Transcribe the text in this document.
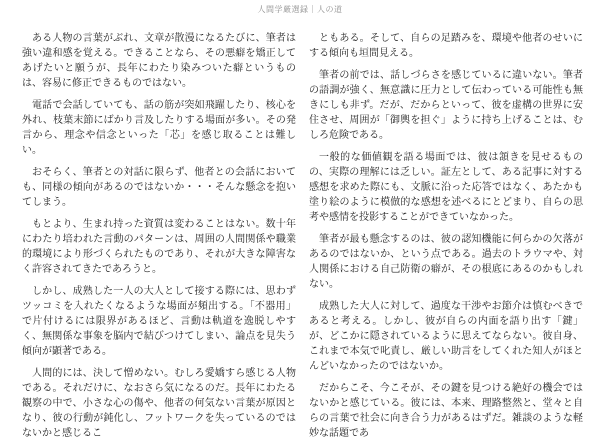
人間学厳選録｜人の道

ある人物の言葉がぶれ、文章が散漫になるたびに、筆者は強い違和感を覚える。できることなら、その悪癖を矯正してあげたいと願うが、長年にわたり染みついた癖というものは、容易に修正できるものではない。

電話で会話していても、話の筋が突如飛躍したり、核心を外れ、枝葉末節にばかり言及したりする場面が多い。その発言から、理念や信念といった「芯」を感じ取ることは難しい。

おそらく、筆者との対話に限らず、他者との会話においても、同様の傾向があるのではないか・・・そんな懸念を抱いてしまう。

もとより、生まれ持った資質は変わることはない。数十年にわたり培われた言動のパターンは、周囲の人間関係や職業的環境により形づくられたものであり、それが大きな障害なく許容されてきたであろうと。

しかし、成熟した一人の大人として接する際には、思わずツッコミを入れたくなるような場面が頻出する。「不器用」で片付けるには限界があるほど、言動は軌道を逸脱しやすく、無関係な事象を脳内で結びつけてしまい、論点を見失う傾向が顕著である。

人間的には、決して憎めない。むしろ愛嬌すら感じる人物である。それだけに、なおさら気になるのだ。長年にわたる観察の中で、小さな心の傷や、他者の何気ない言葉が原因となり、彼の行動が鈍化し、フットワークを失っているのではないかと感じるこ

ともある。そして、自らの足踏みを、環境や他者のせいにする傾向も垣間見える。

筆者の前では、話しづらさを感じているに違いない。筆者の語調が強く、無意識に圧力として伝わっている可能性も無きにしも非ず。だが、だからといって、彼を虚構の世界に安住させ、周囲が「御輿を担ぐ」ように持ち上げることは、むしろ危険である。

一般的な価値観を語る場面では、彼は頷きを見せるものの、実際の理解には乏しい。証左として、ある記事に対する感想を求めた際にも、文脈に沿った応答ではなく、あたかも塗り絵のように模倣的な感想を述べるにとどまり、自らの思考や感情を投影することができていなかった。

筆者が最も懸念するのは、彼の認知機能に何らかの欠落があるのではないか、という点である。過去のトラウマや、対人関係における自己防衛の癖が、その根底にあるのかもしれない。

成熟した大人に対して、過度な干渉やお節介は慎むべきであると考える。しかし、彼が自らの内面を語り出す「鍵」が、どこかに隠されているように思えてならない。彼自身、これまで本気で叱責し、厳しい助言をしてくれた知人がほとんどいなかったのではないか。

だからこそ、今こそが、その鍵を見つける絶好の機会ではないかと感じている。彼には、本来、理路整然と、堂々と自らの言葉で社会に向き合う力があるはずだ。雑談のような軽妙な話題であ
